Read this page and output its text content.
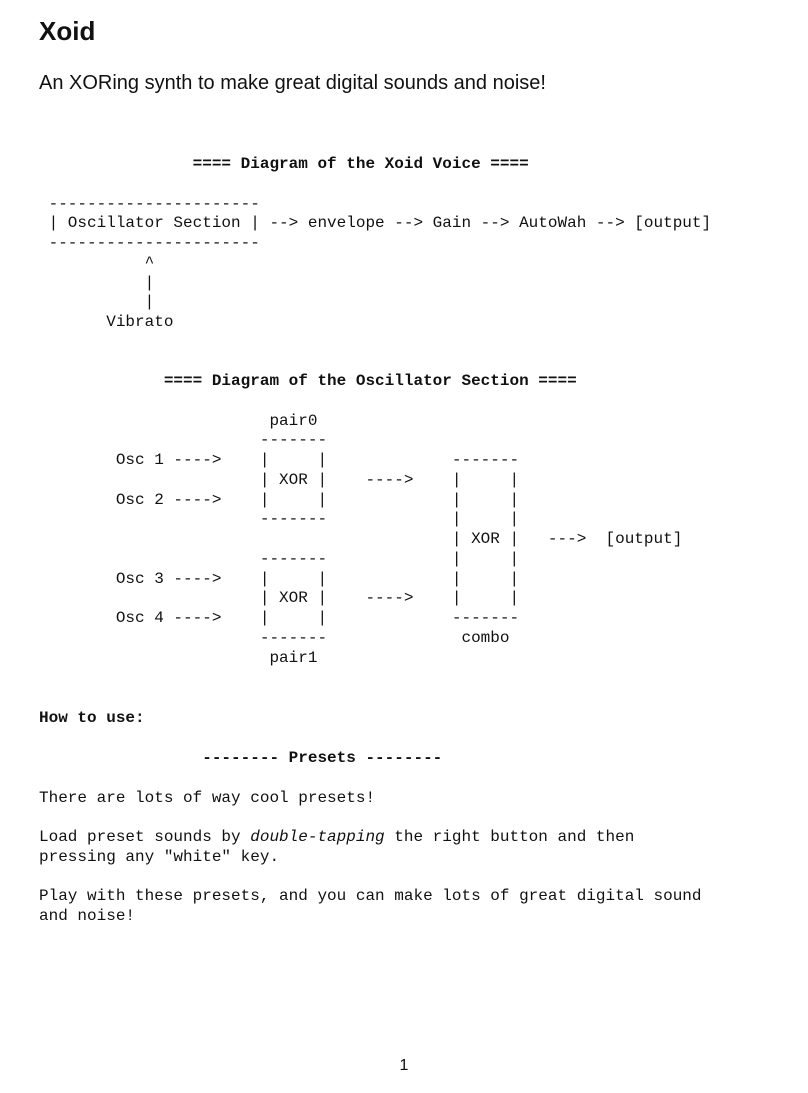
Xoid

An XORing synth to make great digital sounds and noise!

==== Diagram of the Xoid Voice ====

----------------------
| Oscillator Section | --> envelope --> Gain --> AutoWah --> [output]
----------------------
^
|
|
Vibrato
==== Diagram of the Oscillator Section ====

pair0
-------
Osc 1 ---->    |     |             -------
| XOR |    ---->    |     |
Osc 2 ---->    |     |             |     |
-------             |     |
| XOR |   --->  [output]
-------             |     |
Osc 3 ---->    |     |             |     |
| XOR |    ---->    |     |
Osc 4 ---->    |     |             -------
-------              combo
pair1
How to use:
-------- Presets --------

There are lots of way cool presets!

Load preset sounds by double-tapping the right button and then
pressing any "white" key.

Play with these presets, and you can make lots of great digital sound
and noise!

1
